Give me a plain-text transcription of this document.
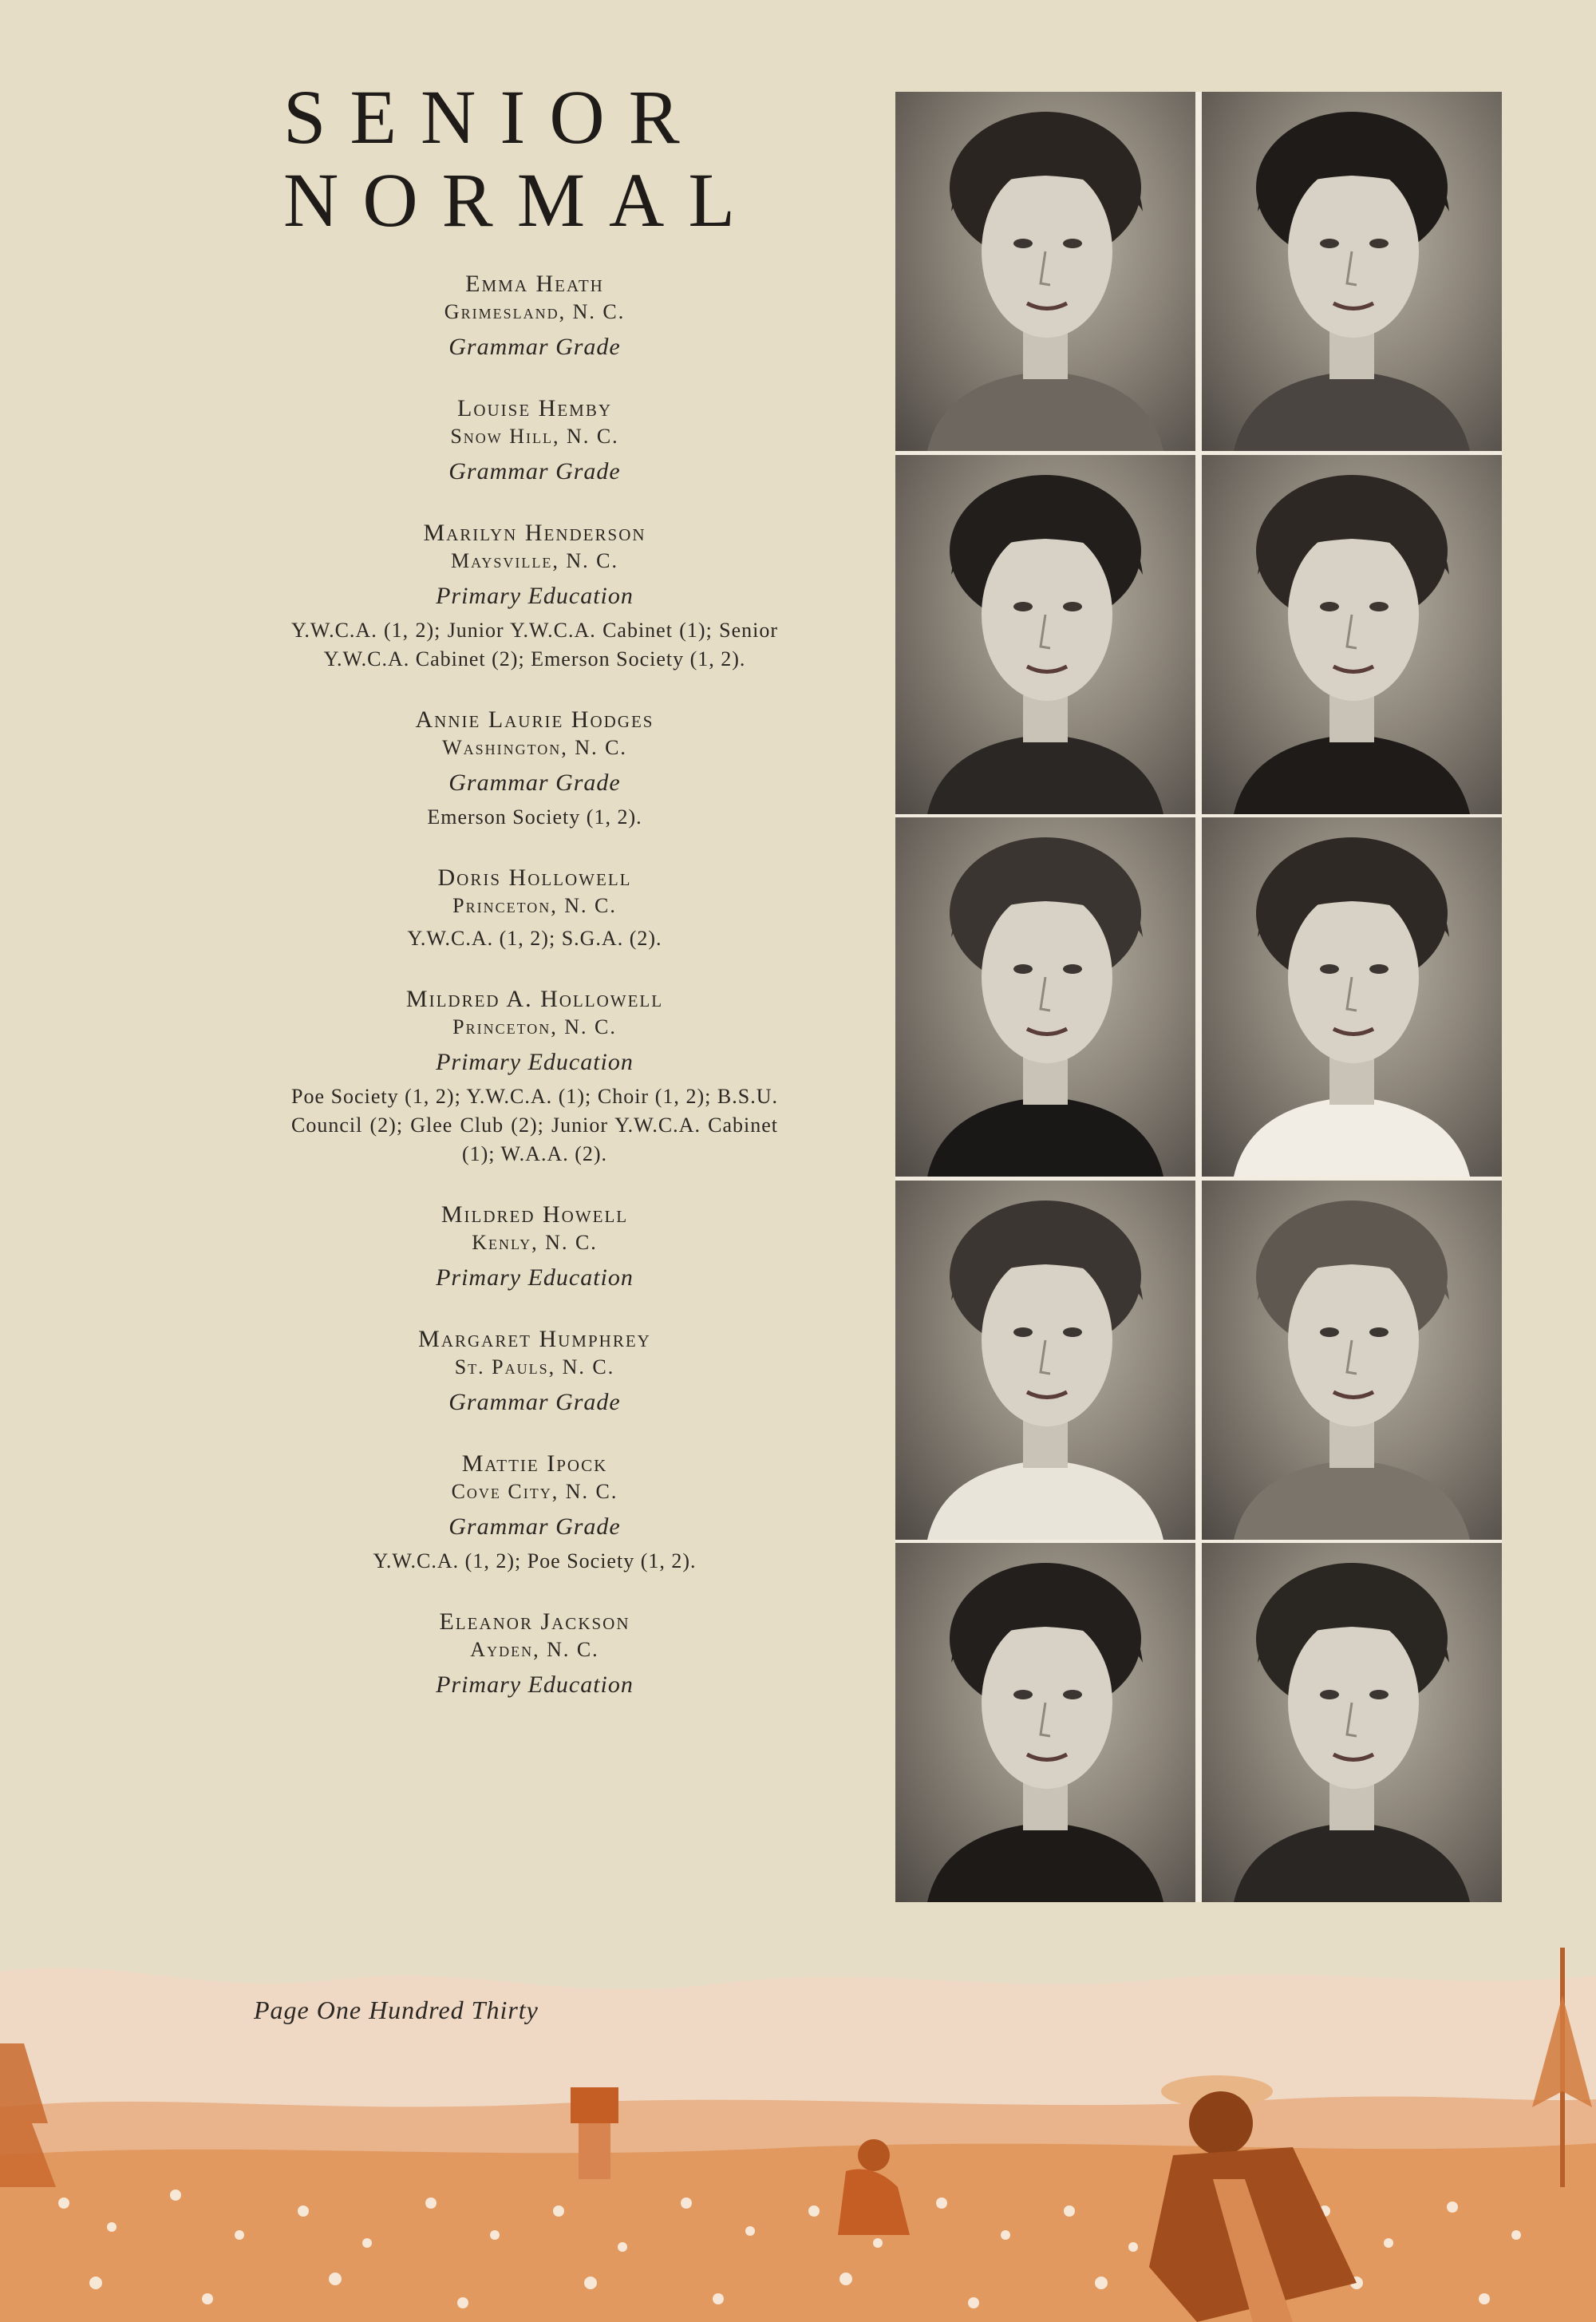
SENIOR
NORMAL
Emma Heath
Grimesland, N. C.
Grammar Grade
Louise Hemby
Snow Hill, N. C.
Grammar Grade
Marilyn Henderson
Maysville, N. C.
Primary Education
Y.W.C.A. (1, 2); Junior Y.W.C.A. Cabinet (1); Senior Y.W.C.A. Cabinet (2); Emerson Society (1, 2).
Annie Laurie Hodges
Washington, N. C.
Grammar Grade
Emerson Society (1, 2).
Doris Hollowell
Princeton, N. C.
Y.W.C.A. (1, 2); S.G.A. (2).
Mildred A. Hollowell
Princeton, N. C.
Primary Education
Poe Society (1, 2); Y.W.C.A. (1); Choir (1, 2); B.S.U. Council (2); Glee Club (2); Junior Y.W.C.A. Cabinet (1); W.A.A. (2).
Mildred Howell
Kenly, N. C.
Primary Education
Margaret Humphrey
St. Pauls, N. C.
Grammar Grade
Mattie Ipock
Cove City, N. C.
Grammar Grade
Y.W.C.A. (1, 2); Poe Society (1, 2).
Eleanor Jackson
Ayden, N. C.
Primary Education
Page One Hundred Thirty
